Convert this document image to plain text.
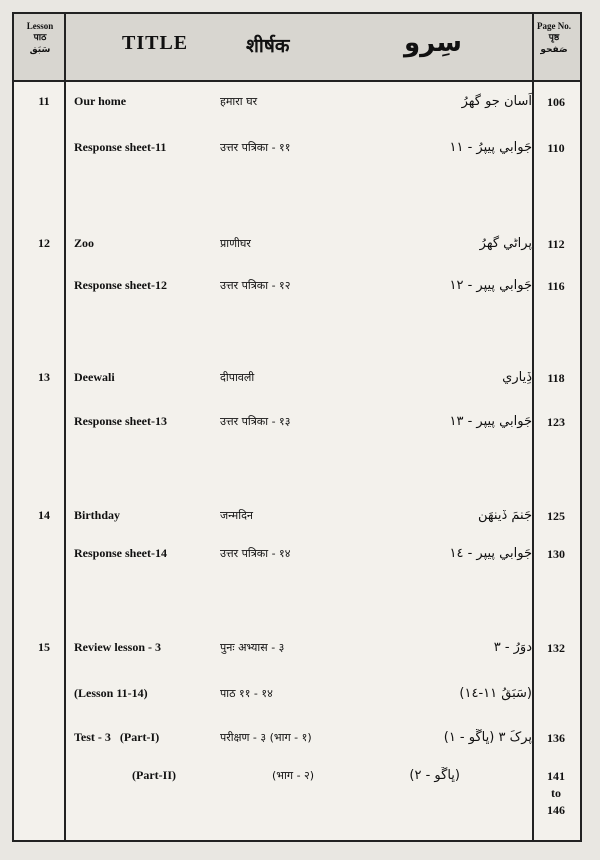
Lesson
पाठ
سَبَق	TITLE	शीर्षक	سِرو
Page No.
पृष्ठ
صَفحو
11	Our home	हमारा घर	اَسان جو گهرُ	106
Response sheet-11	उत्तर पत्रिका - ११	جَوابي پيپرُ - ١١	110
12	Zoo	प्राणीघर	پراڻي گهرُ	112
Response sheet-12	उत्तर पत्रिका - १२	جَوابي پيپر - ١٢	116
13	Deewali	दीपावली	ڏِياري	118
Response sheet-13	उत्तर पत्रिका - १३	جَوابي پيپر - ١٣	123
14	Birthday	जन्मदिन	جَنمَ ڏينهَن	125
Response sheet-14	उत्तर पत्रिका - १४	جَوابي پيپر - ١٤	130
15	Review lesson - 3	पुनः अभ्यास - ३	دوَرُ - ٣	132
(Lesson 11-14)	पाठ ११ - १४	(سَبَقُ ١١-١٤)
Test - 3   (Part-I)	परीक्षण - ३ (भाग - १)	پرکَ ٣ (ڀاڱو - ١)	136
(Part-II)	(भाग - २)	(ڀاڱو - ٢)	141
to
146
